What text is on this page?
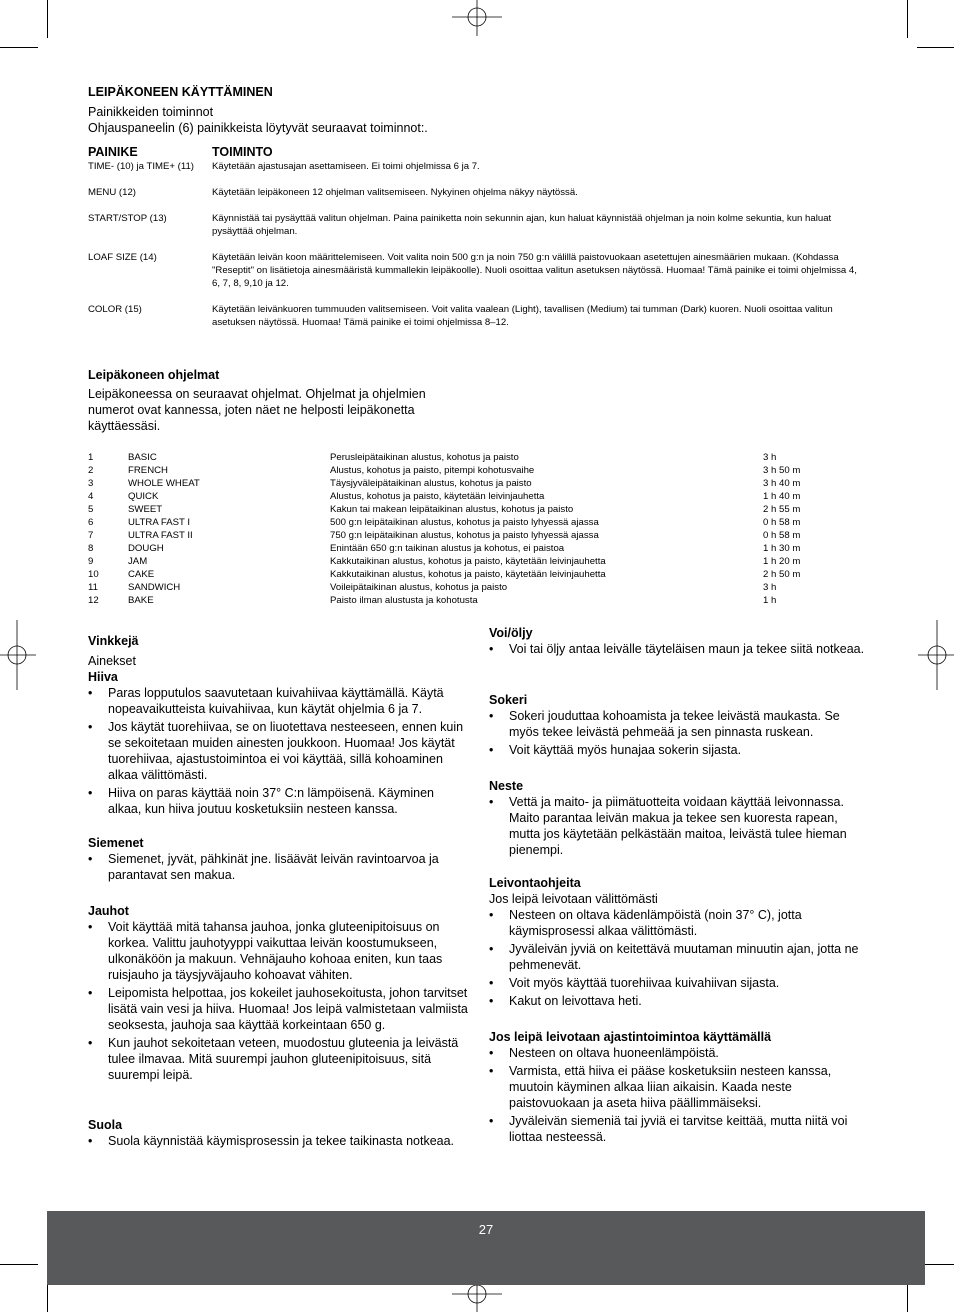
LEIPÄKONEEN KÄYTTÄMINEN
Painikkeiden toiminnot
Ohjauspaneelin (6) painikkeista löytyvät seuraavat toiminnot:.
PAINIKE	TOIMINTO
TIME- (10) ja TIME+ (11)	Käytetään ajastusajan asettamiseen. Ei toimi ohjelmissa 6 ja 7.
MENU (12)	Käytetään leipäkoneen 12 ohjelman valitsemiseen. Nykyinen ohjelma näkyy näytössä.
START/STOP (13)	Käynnistää tai pysäyttää valitun ohjelman. Paina painiketta noin sekunnin ajan, kun haluat käynnistää ohjelman ja noin kolme sekuntia, kun haluat pysäyttää ohjelman.
LOAF SIZE (14)	Käytetään leivän koon määrittelemiseen. Voit valita noin 500 g:n ja noin 750 g:n välillä paistovuokaan asetettujen ainesmäärien mukaan. (Kohdassa "Reseptit" on lisätietoja ainesmääristä kummallekin leipäkoolle). Nuoli osoittaa valitun asetuksen näytössä. Huomaa! Tämä painike ei toimi ohjelmissa 4, 6, 7, 8, 9,10 ja 12.
COLOR (15)	Käytetään leivänkuoren tummuuden valitsemiseen. Voit valita vaalean (Light), tavallisen (Medium) tai tumman (Dark) kuoren. Nuoli osoittaa valitun asetuksen näytössä. Huomaa! Tämä painike ei toimi ohjelmissa 8–12.
Leipäkoneen ohjelmat
Leipäkoneessa on seuraavat ohjelmat. Ohjelmat ja ohjelmien numerot ovat kannessa, joten näet ne helposti leipäkonetta käyttäessäsi.
1	BASIC	Perusleipätaikinan alustus, kohotus ja paisto	3 h
2	FRENCH	Alustus, kohotus ja paisto, pitempi kohotusvaihe	3 h 50 m
3	WHOLE WHEAT	Täysjyväleipätaikinan alustus, kohotus ja paisto	3 h 40 m
4	QUICK	Alustus, kohotus ja paisto, käytetään leivinjauhetta	1 h 40 m
5	SWEET	Kakun tai makean leipätaikinan alustus, kohotus ja paisto	2 h 55 m
6	ULTRA FAST I	500 g:n leipätaikinan alustus, kohotus ja paisto lyhyessä ajassa	0 h 58 m
7	ULTRA FAST II	750 g:n leipätaikinan alustus, kohotus ja paisto lyhyessä ajassa	0 h 58 m
8	DOUGH	Enintään 650 g:n taikinan alustus ja kohotus, ei paistoa	1 h 30 m
9	JAM	Kakkutaikinan alustus, kohotus ja paisto, käytetään leivinjauhetta	1 h 20 m
10	CAKE	Kakkutaikinan alustus, kohotus ja paisto, käytetään leivinjauhetta	2 h 50 m
11	SANDWICH	Voileipätaikinan alustus, kohotus ja paisto	3 h
12	BAKE	Paisto ilman alustusta ja kohotusta	1 h
Vinkkejä
Ainekset
Hiiva
• Paras lopputulos saavutetaan kuivahiivaa käyttämällä. Käytä nopeavaikutteista kuivahiivaa, kun käytät ohjelmia 6 ja 7.
• Jos käytät tuorehiivaa, se on liuotettava nesteeseen, ennen kuin se sekoitetaan muiden ainesten joukkoon. Huomaa! Jos käytät tuorehiivaa, ajastustoimintoa ei voi käyttää, sillä kohoaminen alkaa välittömästi.
• Hiiva on paras käyttää noin 37° C:n lämpöisenä. Käyminen alkaa, kun hiiva joutuu kosketuksiin nesteen kanssa.
Siemenet
• Siemenet, jyvät, pähkinät jne. lisäävät leivän ravintoarvoa ja parantavat sen makua.
Jauhot
• Voit käyttää mitä tahansa jauhoa, jonka gluteenipitoisuus on korkea. Valittu jauhotyyppi vaikuttaa leivän koostumukseen, ulkonäköön ja makuun. Vehnäjauho kohoaa eniten, kun taas ruisjauho ja täysjyväjauho kohoavat vähiten.
• Leipomista helpottaa, jos kokeilet jauhosekoitusta, johon tarvitset lisätä vain vesi ja hiiva. Huomaa! Jos leipä valmistetaan valmiista seoksesta, jauhoja saa käyttää korkeintaan 650 g.
• Kun jauhot sekoitetaan veteen, muodostuu gluteenia ja leivästä tulee ilmavaa. Mitä suurempi jauhon gluteenipitoisuus, sitä suurempi leipä.
Suola
• Suola käynnistää käymisprosessin ja tekee taikinasta notkeaa.
Voi/öljy
• Voi tai öljy antaa leivälle täyteläisen maun ja tekee siitä notkeaa.
Sokeri
• Sokeri jouduttaa kohoamista ja tekee leivästä maukasta. Se myös tekee leivästä pehmeää ja sen pinnasta ruskean.
• Voit käyttää myös hunajaa sokerin sijasta.
Neste
• Vettä ja maito- ja piimätuotteita voidaan käyttää leivonnassa. Maito parantaa leivän makua ja tekee sen kuoresta rapean, mutta jos käytetään pelkästään maitoa, leivästä tulee hieman pienempi.
Leivontaohjeita
Jos leipä leivotaan välittömästi
• Nesteen on oltava kädenlämpöistä (noin 37° C), jotta käymisprosessi alkaa välittömästi.
• Jyväleivän jyviä on keitettävä muutaman minuutin ajan, jotta ne pehmenevät.
• Voit myös käyttää tuorehiivaa kuivahiivan sijasta.
• Kakut on leivottava heti.
Jos leipä leivotaan ajastintoimintoa käyttämällä
• Nesteen on oltava huoneenlämpöistä.
• Varmista, että hiiva ei pääse kosketuksiin nesteen kanssa, muutoin käyminen alkaa liian aikaisin. Kaada neste paistovuokaan ja aseta hiiva päällimmäiseksi.
• Jyväleivän siemeniä tai jyviä ei tarvitse keittää, mutta niitä voi liottaa nesteessä.
27
